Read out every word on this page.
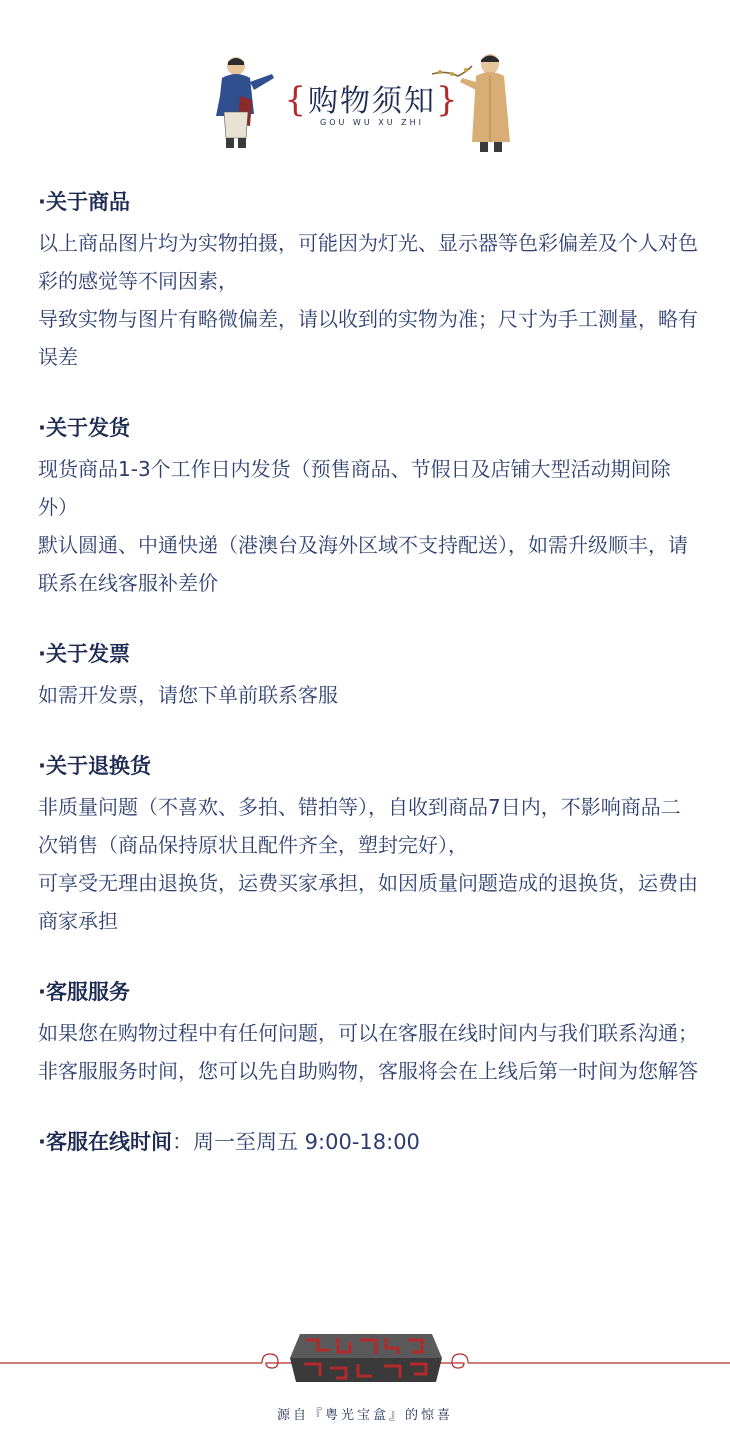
{购物须知}
GOU WU XU ZHI
·关于商品

以上商品图片均为实物拍摄，可能因为灯光、显示器等色彩偏差及个人对色彩的感觉等不同因素，

导致实物与图片有略微偏差，请以收到的实物为准；尺寸为手工测量，略有误差

·关于发货

现货商品1-3个工作日内发货（预售商品、节假日及店铺大型活动期间除外）

默认圆通、中通快递（港澳台及海外区域不支持配送），如需升级顺丰，请联系在线客服补差价

·关于发票

如需开发票，请您下单前联系客服

·关于退换货

非质量问题（不喜欢、多拍、错拍等），自收到商品7日内，不影响商品二次销售（商品保持原状且配件齐全，塑封完好），

可享受无理由退换货，运费买家承担，如因质量问题造成的退换货，运费由商家承担

·客服服务

如果您在购物过程中有任何问题，可以在客服在线时间内与我们联系沟通；

非客服服务时间，您可以先自助购物，客服将会在上线后第一时间为您解答

·客服在线时间：周一至周五 9:00-18:00
源自『粤光宝盒』的惊喜
